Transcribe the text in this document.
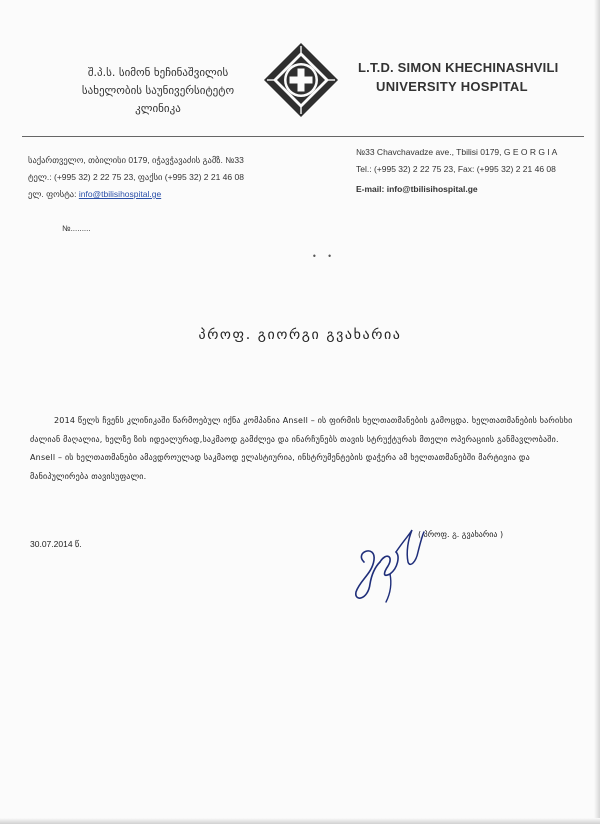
შ.პ.ს. სიმონ ხეჩინაშვილის
სახელობის საუნივერსიტეტო
კლინიკა
L.T.D. SIMON KHECHINASHVILI
UNIVERSITY HOSPITAL
საქართველო, თბილისი 0179, იჭავჭავაძის გამზ. №33
ტელ.: (+995 32) 2 22 75 23, ფაქსი (+995 32) 2 21 46 08
ელ. ფოსტა: info@tbilisihospital.ge
№33 Chavchavadze ave., Tbilisi 0179, G E O R G I A
Tel.: (+995 32) 2 22 75 23, Fax: (+995 32) 2 21 46 08
E-mail: info@tbilisihospital.ge
№.........
• •
პროფ. გიორგი გვახარია
2014 წელს ჩვენს კლინიკაში წარმოებულ იქნა კომპანია Ansell – ის ფირმის ხელთათმანების გამოცდა. ხელთათმანების ხარისხი ძალიან მაღალია, ხელზე ზის იდეალურად,საკმაოდ გამძლეა და ინარჩუნებს თავის სტრუქტურას მთელი ოპერაციის განმავლობაში. Ansell – ის ხელთათმანები ამავდროულად საკმაოდ ელასტიურია, ინსტრუმენტების დაჭერა ამ ხელთათმანებში მარტივია და მანიპულირება თავისუფალი.
30.07.2014 წ.
( პროფ. გ. გვახარია )
